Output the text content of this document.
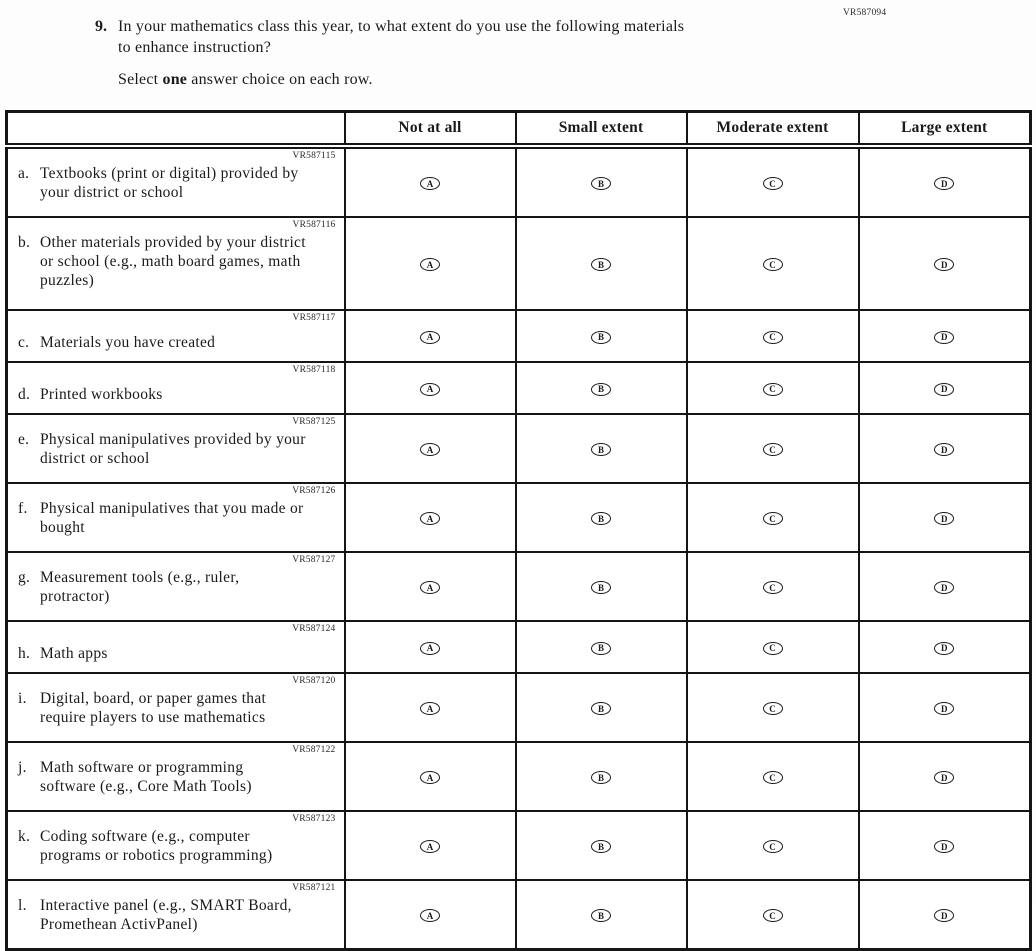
VR587094
9. In your mathematics class this year, to what extent do you use the following materials
to enhance instruction?
Select one answer choice on each row.
	Not at all	Small extent	Moderate extent	Large extent

VR587115
a. Textbooks (print or digital) provided by your district or school	A	B	C	D

VR587116
b. Other materials provided by your district or school (e.g., math board games, math puzzles)	A	B	C	D

VR587117
c. Materials you have created	A	B	C	D

VR587118
d. Printed workbooks	A	B	C	D

VR587125
e. Physical manipulatives provided by your district or school	A	B	C	D

VR587126
f. Physical manipulatives that you made or bought	A	B	C	D

VR587127
g. Measurement tools (e.g., ruler, protractor)	A	B	C	D

VR587124
h. Math apps	A	B	C	D

VR587120
i. Digital, board, or paper games that require players to use mathematics	A	B	C	D

VR587122
j. Math software or programming software (e.g., Core Math Tools)	A	B	C	D

VR587123
k. Coding software (e.g., computer programs or robotics programming)	A	B	C	D

VR587121
l. Interactive panel (e.g., SMART Board, Promethean ActivPanel)	A	B	C	D
